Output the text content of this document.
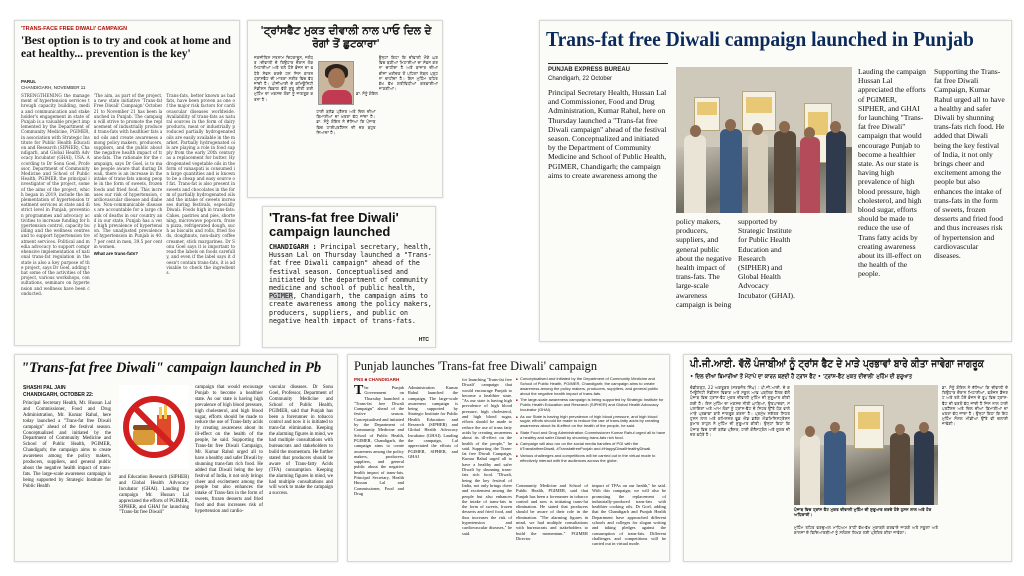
'TRANS-FACE FREE DIWALI' CAMPAIGN
'Best option is to try and cook at home and eat healthy... prevention is the key'
PARUL
CHANDIGARH, NOVEMBER 11
STRENGTHENING the management of hypertension services through capacity building, media and communication and stakeholder's engagement in state of Punjab is a valuable project implemented by the Department of Community Medicine, PGIMER, in association with Strategic Institute for Public Health Education and Research (SIPHER), Chandigarh, and Global Health Advocacy Incubator (GHAI), USA. According to Dr Sonu Goel, Professor, Department of Community Medicine and School of Public Health, PGIMER, the principal investigator of the project, some of the aims of the project, which began in 2019, include the implementation of hypertension treatment services at state and district level in Punjab, prevention programmes and advocacy activities to increase funding for hypertension control, capacity building and the wellness centres and to support hypertension treatment services. Political and media advocacy to support comprehensive implementation of national trans-fat regulation in the state is also a key purpose of the project, says Dr Goel, adding that some of the activities of the project, various workshops, consultations, seminars on hypertension and wellness have been conducted.
'The aim, as part of the project, a new state initiative 'Trans-fat Free Diwali' Campaign' October 21 to November 21 has been launched in Punjab. The campaign will strive to promote the replacement of industrially produced trans-fats with healthier fats and oils and create awareness among policy makers, producers, suppliers, and the public about the negative health impact of trans-fats. The rationale for the campaign, says Dr Goel, is to make people aware that during Diwali, there is an increase in the intake of trans-fats among people in the form of sweets, frozen foods and fried food. This increases our risk of hypertension, cardiovascular disease and diabetes. Non-communicable diseases are accountable for a large chunk of deaths in our country and in our state, Punjab has a very high prevalence of hypertension. The unadjusted prevalence of hypertension in Punjab is 40.7 per cent in men, 39.5 per cent in women.
What are trans-fats?
Trans-fats, better known as bad fats, have been proven as one of the major risk factors for cardiovascular diseases worldwide. Availability of trans-fats as natural sources in the form of dairy products, meat or industrially produced partially hydrogenated oils are easily available in the market. Partially hydrogenated oils are playing a role in food supply from the early 20th century as a replacement for butter. Hydrogenated vegetable oils in the form of vanaspati is consumed in large quantities and is known to be a cheap and easy source of fat. Trans-fat is also present in sweets and chocolates in the form of partially hydrogenated oils and the intake of sweets increases during festivals, especially Diwali. Foods high in trans-fats: Cakes, pastries and pies, shortening, microwave popcorn, frozen pizza, refrigerated dough, such as biscuits and rolls, fried foods, doughnuts, non-dairy coffee creamer, stick margarines. Dr Sonu Goel says it is important to read the labels on foods carefully, and even if the label says it doesn't contain trans-fats, it is advisable to check the ingredients.
'ਟ੍ਰਾਂਸਫੈਟ ਮੁਕਤ ਦੀਵਾਲੀ ਨਾਲ ਪਾਓ ਦਿਲ ਦੇ ਰੋਗਾਂ ਤੋਂ ਛੁਟਕਾਰਾ'
ਜਗਜੀਤਿਸ ਸਤਨਾਮ ਦਿਹਰਾਦੂਨ, ਜਲੰਧਰ :ਦੀਵਾਲੀ ਦੇ ਤਿਉਹਾਰ ਦੌਰਾਨ ਲੋਕ ਮਿਠਾਈਆਂ ਅਤੇ ਤਲੇ ਹੋਏ ਭੋਜਨ ਦਾ ਵਧੇਰੇ ਸੇਵਨ ਕਰਦੇ ਹਨ ਜਿਸ ਕਾਰਨ ਟ੍ਰਾਂਸਫੈਟ ਦੀ ਮਾਤਰਾ ਸਰੀਰ ਵਿਚ ਵੱਧ ਜਾਂਦੀ ਹੈ। ਪੀਜੀਆਈ ਦੇ ਕਮਿਊਨਿਟੀ ਮੈਡੀਸਨ ਵਿਭਾਗ ਵੱਲੋਂ ਸ਼ੁਰੂ ਕੀਤੀ ਗਈ ਮੁਹਿੰਮ ਦਾ ਮਕਸਦ ਲੋਕਾਂ ਨੂੰ ਜਾਗਰੂਕ ਕਰਨਾ ਹੈ।
ਹਾਈ ਬਲੱਡ ਪ੍ਰੈਸ਼ਰ ਅਤੇ ਦਿਲ ਦੀਆਂ ਬਿਮਾਰੀਆਂ ਦਾ ਖ਼ਤਰਾ ਵੱਧ ਜਾਂਦਾ ਹੈ। ਡਾ. ਸੋਨੂੰ ਗੋਇਲ ਨੇ ਦੱਸਿਆ ਕਿ ਪੰਜਾਬ ਵਿਚ ਹਾਈਪਰਟੈਂਸ਼ਨ ਦੀ ਦਰ ਬਹੁਤ ਜ਼ਿਆਦਾ ਹੈ।
ਉਨ੍ਹਾਂ ਕਿਹਾ ਕਿ ਦੀਵਾਲੀ ਮੌਕੇ ਘਰ ਵਿਚ ਬਣੀਆਂ ਮਿਠਾਈਆਂ ਦਾ ਸੇਵਨ ਕਰਨਾ ਚਾਹੀਦਾ ਹੈ ਅਤੇ ਬਾਜ਼ਾਰ ਦੀਆਂ ਚੀਜ਼ਾਂ ਖ਼ਰੀਦਣ ਤੋਂ ਪਹਿਲਾਂ ਲੇਬਲ ਪੜ੍ਹਨਾ ਚਾਹੀਦਾ ਹੈ। ਇਸ ਮੁਹਿੰਮ ਤਹਿਤ ਵੱਖ ਵੱਖ ਗਤੀਵਿਧੀਆਂ ਕਰਵਾਈਆਂ ਜਾਣਗੀਆਂ।
ਡਾ. ਸੋਨੂੰ ਗੋਇਲ
'Trans-fat free Diwali' campaign launched
CHANDIGARH : Principal secretary, health, Hussan Lal on Thursday launched a "Trans-fat free Diwali campaign" ahead of the festival season. Conceptualised and initiated by the department of community medicine and school of public health, PGIMER, Chandigarh, the campaign aims to create awareness among the policy makers, producers, suppliers, and public on negative health impact of trans-fats.
HTC
Trans-fat free Diwali campaign launched in Punjab
PUNJAB EXPRESS BUREAU
Chandigarh, 22 October
Principal Secretary Health, Hussan Lal and Commissioner, Food and Drug Administration, Kumar Rahul, here on Thursday launched a "Trans-fat free Diwali campaign" ahead of the festival season. Conceptualized and initiated by the Department of Community Medicine and School of Public Health, PGIMER, Chandigarh; the campaign aims to create awareness among the
policy makers, producers, suppliers, and general public about the negative health impact of trans-fats. The large-scale awareness campaign is being
supported by Strategic Institute for Public Health Education and Research (SIPHER) and Global Health Advocacy Incubator (GHAI).
Lauding the campaign Hussan Lal appreciated the efforts of PGIMER, SIPHER, and GHAI for launching "Trans-fat free Diwali" campaign that would encourage Punjab to become a healthier state. As our state is having high prevalence of high blood pressure, high cholesterol, and high blood sugar, efforts should be made to reduce the use of Trans fatty acids by creating awareness about its ill-effect on the health of the people.
Supporting the Trans-fat free Diwali Campaign, Kumar Rahul urged all to have a healthy and safer Diwali by shunning trans-fats rich food. He added that Diwali being the key festival of India, it not only brings cheer and excitement among the people but also enhances the intake of trans-fats in the form of sweets, frozen desserts and fried food and thus increases risk of hypertension and cardiovascular diseases.
"Trans-fat free Diwali" campaign launched in Pb
SHASHI PAL JAIN
CHANDIGARH, OCTOBER 22:
Principal Secretary Health, Mr. Hussan Lal and Commissioner, Food and Drug Administration, Mr. Kumar Rahul, here today launched a "Trans-fat free Diwali campaign" ahead of the festival season. Conceptualized and initiated by the Department of Community Medicine and School of Public Health, PGIMER, Chandigarh; the campaign aims to create awareness among the policy makers, producers, suppliers, and general public about the negative health impact of trans-fats. The large-scale awareness campaign is being supported by Strategic Institute for Public Health
and Education Research (SIPHER) and Global Health Advocacy Incubator (GHAI). Lauding the campaign Mr. Hussan Lal appreciated the efforts of PGIMER, SIPHER, and GHAI for launching "Trans-fat free Diwali"
campaign that would encourage Punjab to become a healthier state. As our state is having high prevalence of high blood pressure, high cholesterol, and high blood sugar, efforts should be made to reduce the use of Trans-fatty acids by creating awareness about its ill-effect on the health of the people, he said. Supporting the Trans-fat free Diwali Campaign, Mr. Kumar Rahul urged all to have a healthy and safer Diwali by shunning trans-fats rich food. He added that Diwali being the key festival of India, it not only brings cheer and excitement among the people but also enhances the intake of Trans-fats in the form of sweets, frozen desserts and fried food and thus increases risk of hypertension and cardio-
vascular diseases. Dr Sonu Goel, Professor, Department of Community Medicine and School of Public Health, PGIMER, said that Punjab has been a forerunner in tobacco control and now it is initiated to trans-fat elimination. Keeping the alarming figures in mind, we had multiple consultations with bureaucrats and stakeholders to build the momentum. He further stated that producers should be aware of Trans-fatty Acids (TFA) consumption. Keeping the alarming figures in mind, we had multiple consultations and will work to make the campaign a success.
Punjab launches 'Trans-fat free Diwali' campaign
PNS ■ CHANDIGARH
The Punjab Government on Thursday launched a "Trans-fat free Diwali Campaign" ahead of the festive season. Conceptualised and initiated by the Department of Community Medicine and School of Public Health, PGIMER, Chandigarh, the campaign aims to create awareness among the policy makers, producers, suppliers, and general public about the negative health impact of trans-fats. Principal Secretary, Health Hussan Lal and Commissioner, Food and Drug
Administration Kumar Rahul launched the campaign. The large-scale awareness campaign is being supported by Strategic Institute for Public Health Education and Research (SIPHER) and Global Health Advocacy Incubator (GHAI). Lauding the campaign, Lal appreciated the efforts of PGIMER, SIPHER, and GHAI
for launching 'Trans-fat free Diwali' campaign that would encourage Punjab to become a healthier state. "As our state is having high prevalence of high blood pressure, high cholesterol, and high blood sugar, efforts should be made to reduce the use of trans fatty acids by creating awareness about its ill-effect on the health of the people," he said. Supporting the Trans-fat free Diwali Campaign, Kumar Rahul urged all to have a healthy and safer Diwali by shunning trans-fats rich food. "Diwali, being the key festival of India, not only brings cheer and excitement among the people but also enhances the intake of trans-fats in the form of sweets, frozen desserts and fried food, and thus increases the risk of hypertension and cardiovascular diseases," he said.
■ Conceptualised and initiated by the Department of Community Medicine and School of Public Health, PGIMER, Chandigarh; the campaign aims to create awareness among the policy makers, producers, suppliers, and general public about the negative health impact of trans-fats.
■ The large-scale awareness campaign is being supported by Strategic Institute for Public Health Education and Research (SIPHER) and Global Health Advocacy Incubator (GHAI).
■ As our State is having high prevalence of high blood pressure, and high blood sugar, efforts should be made to reduce the use of trans-fatty acids by creating awareness about its ill-effect on the health of the people, he said.
■ State Food and Drug Administration Commissioner Kumar Rahul urged all to have a healthy and safer Diwali by shunning trans-fats rich food.
■ Campaign will also run on the social media handles of PGI with the #TransfatfreeDiwali, #TransfatfreePunjab and #HappyDiwaliHealthyDiwali.
■ Various challenges and competitions will be carried out in the virtual mode to effectively interact with the audiences across the globe.
Community Medicine and School of Public Health, PGIMER, said that Punjab has been a forerunner in tobacco control and now is initiating trans-fat elimination. He stated that producers should be aware of their role in the elimination. "The alarming figures in mind, we had multiple consultations with bureaucrats and stakeholders to build the momentum." PGIMER Director
impact of TFAs on our health," he said. With this campaign, we will also be promoting the replacement of industrially-produced trans-fats with healthier cooking oils. Dr Goel, adding that the Chandigarh and Punjab Health Department have approached different schools and colleges for slogan writing and taking pledges against the consumption of trans-fats. Different challenges and competitions will be carried out in virtual mode.
ਪੀ.ਜੀ.ਆਈ. ਵੱਲੋਂ ਪੰਜਾਬੀਆਂ ਨੂੰ ਟ੍ਰਾਂਸ ਫੈਟ ਦੇ ਮਾੜੇ ਪ੍ਰਭਾਵਾਂ ਬਾਰੇ ਕੀਤਾ ਜਾਵੇਗਾ ਜਾਗਰੂਕ
• ਦਿਲ ਦੀਆਂ ਬਿਮਾਰੀਆਂ ਤੋਂ ਮੋਟਾਪੇ ਦਾ ਕਾਰਨ ਬਣਦੀ ਹੈ ਟ੍ਰਾਂਸ ਫੈਟ • 'ਟ੍ਰਾਂਸ-ਫੈਟ ਮੁਕਤ ਦੀਵਾਲੀ' ਮੁਹਿੰਮ ਦੀ ਸ਼ੁਰੂਆਤ
ਚੰਡੀਗੜ੍ਹ, 22 ਅਕਤੂਬਰ (ਸਰਬਜੋਤ ਸਿੰਘ) : ਪੀ.ਜੀ.ਆਈ. ਦੇ ਕਮਿਊਨਿਟੀ ਮੈਡੀਸਨ ਵਿਭਾਗ ਅਤੇ ਸਕੂਲ ਆਫ਼ ਪਬਲਿਕ ਹੈਲਥ ਵੱਲੋਂ ਪੰਜਾਬ ਵਿਚ ਟ੍ਰਾਂਸ-ਫੈਟ ਮੁਕਤ ਦੀਵਾਲੀ ਮੁਹਿੰਮ ਦੀ ਸ਼ੁਰੂਆਤ ਕੀਤੀ ਗਈ ਹੈ। ਇਸ ਮੁਹਿੰਮ ਦਾ ਮਕਸਦ ਨੀਤੀ ਘਾੜਿਆਂ, ਉਤਪਾਦਕਾਂ, ਸਪਲਾਇਰਾਂ ਅਤੇ ਆਮ ਲੋਕਾਂ ਨੂੰ ਟ੍ਰਾਂਸ-ਫੈਟ ਦੇ ਸਿਹਤ ਉੱਤੇ ਪੈਣ ਵਾਲੇ ਮਾੜੇ ਪ੍ਰਭਾਵਾਂ ਬਾਰੇ ਜਾਗਰੂਕ ਕਰਨਾ ਹੈ। ਪ੍ਰਮੁੱਖ ਸਕੱਤਰ ਸਿਹਤ ਹੁਸਨ ਲਾਲ ਅਤੇ ਕਮਿਸ਼ਨਰ ਫੂਡ ਐਂਡ ਡਰੱਗ ਐਡਮਿਨਿਸਟ੍ਰੇਸ਼ਨ ਕੁਮਾਰ ਰਾਹੁਲ ਨੇ ਮੁਹਿੰਮ ਦੀ ਸ਼ੁਰੂਆਤ ਕੀਤੀ। ਉਨ੍ਹਾਂ ਕਿਹਾ ਕਿ ਪੰਜਾਬ ਵਿਚ ਹਾਈ ਬਲੱਡ ਪ੍ਰੈਸ਼ਰ, ਹਾਈ ਕੋਲੈਸਟ੍ਰੋਲ ਅਤੇ ਸ਼ੂਗਰ ਦੀ ਦਰ ਵਧੇਰੇ ਹੈ।
ਪੰਜਾਬ ਵਿਚ ਟ੍ਰਾਂਸ ਫੈਟ ਮੁਕਤ ਦੀਵਾਲੀ ਮੁਹਿੰਮ ਦੀ ਸ਼ੁਰੂਆਤ ਕਰਦੇ ਹੋਏ ਹੁਸਨ ਲਾਲ ਅਤੇ ਹੋਰ ਅਧਿਕਾਰੀ।
ਮੁਹਿੰਮ ਤਹਿਤ ਵਰਚੁਅਲ ਮਾਧਿਅਮ ਰਾਹੀਂ ਵੱਖ-ਵੱਖ ਮੁਕਾਬਲੇ ਕਰਵਾਏ ਜਾਣਗੇ ਅਤੇ ਸਕੂਲਾਂ ਅਤੇ ਕਾਲਜਾਂ ਦੇ ਵਿਦਿਆਰਥੀਆਂ ਨੂੰ ਸਲੋਗਨ ਲਿਖਣ ਲਈ ਪ੍ਰੇਰਿਤ ਕੀਤਾ ਜਾਵੇਗਾ।
ਡਾ. ਸੋਨੂੰ ਗੋਇਲ ਨੇ ਦੱਸਿਆ ਕਿ ਦੀਵਾਲੀ ਦੇ ਤਿਉਹਾਰ ਦੌਰਾਨ ਮਿਠਾਈਆਂ, ਫਰੋਜ਼ਨ ਡੈਜ਼ਰਟ ਅਤੇ ਤਲੇ ਹੋਏ ਭੋਜਨ ਦੇ ਰੂਪ ਵਿਚ ਟ੍ਰਾਂਸ-ਫੈਟ ਦੀ ਵਰਤੋਂ ਵੱਧ ਜਾਂਦੀ ਹੈ ਜਿਸ ਨਾਲ ਹਾਈਪਰਟੈਂਸ਼ਨ ਅਤੇ ਦਿਲ ਦੀਆਂ ਬਿਮਾਰੀਆਂ ਦਾ ਖ਼ਤਰਾ ਵੱਧ ਜਾਂਦਾ ਹੈ। ਉਨ੍ਹਾਂ ਕਿਹਾ ਕਿ ਇਹ ਮੁਹਿੰਮ ਸੋਸ਼ਲ ਮੀਡੀਆ ਉੱਤੇ ਵੀ ਚਲਾਈ ਜਾਵੇਗੀ।
